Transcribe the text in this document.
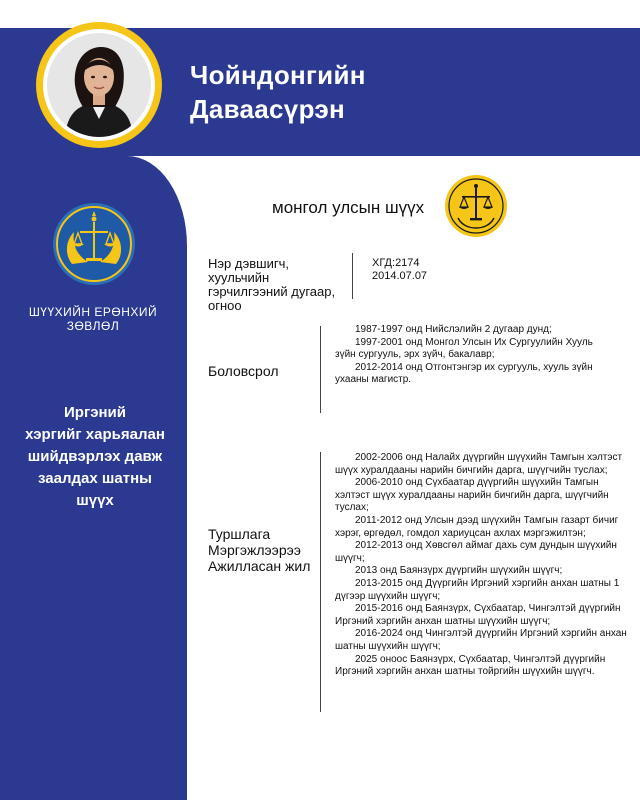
Чойндонгийн
Даваасүрэн
ШҮҮХИЙН ЕРӨНХИЙ
ЗӨВЛӨЛ
Иргэний
хэргийг харьяалан
шийдвэрлэх давж
заалдах шатны
шүүх
монгол улсын шүүх
Нэр дэвшигч,
хуульчийн
гэрчилгээний дугаар,
огноо
ХГД:2174
2014.07.07
Боловсрол

1987-1997 онд Нийслэлийн 2 дугаар дунд;

1997-2001 онд Монгол Улсын Их Сургуулийн Хууль зүйн сургууль, эрх зүйч, бакалавр;

2012-2014 онд Отгонтэнгэр их сургууль, хууль зүйн ухааны магистр.

Туршлага
Мэргэжлээрээ
Ажилласан жил

2002-2006 онд Налайх дүүргийн шүүхийн Тамгын хэлтэст шүүх хуралдааны нарийн бичгийн дарга, шүүгчийн туслах;

2006-2010 онд Сүхбаатар дүүргийн шүүхийн Тамгын хэлтэст шүүх хуралдааны нарийн бичгийн дарга, шүүгчийн туслах;

2011-2012 онд Улсын дээд шүүхийн Тамгын газарт бичиг хэрэг, өргөдөл, гомдол хариуцсан ахлах мэргэжилтэн;

2012-2013 онд Хөвсгөл аймаг дахь сум дундын шүүхийн шүүгч;

2013 онд Баянзүрх дүүргийн шүүхийн шүүгч;

2013-2015 онд Дүүргийн Иргэний хэргийн анхан шатны 1 дүгээр шүүхийн шүүгч;

2015-2016 онд Баянзүрх, Сүхбаатар, Чингэлтэй дүүргийн Иргэний хэргийн анхан шатны шүүхийн шүүгч;

2016-2024 онд Чингэлтэй дүүргийн Иргэний хэргийн анхан шатны шүүхийн шүүгч;

2025 оноос Баянзүрх, Сүхбаатар, Чингэлтэй дүүргийн Иргэний хэргийн анхан шатны тойргийн шүүхийн шүүгч.
